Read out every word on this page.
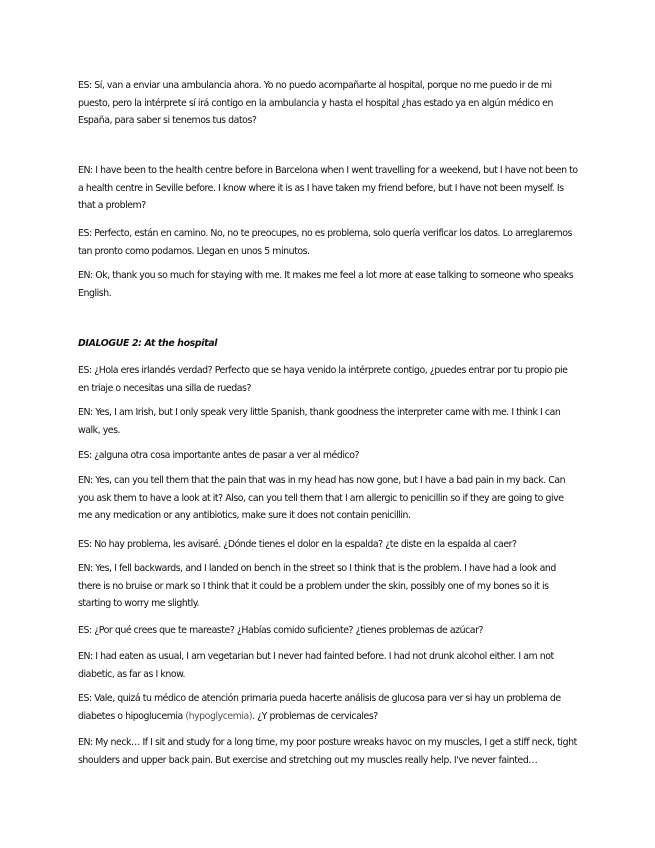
ES: Sí, van a enviar una ambulancia ahora. Yo no puedo acompañarte al hospital, porque no me puedo ir de mi puesto, pero la intérprete sí irá contigo en la ambulancia y hasta el hospital ¿has estado ya en algún médico en España, para saber si tenemos tus datos?

EN: I have been to the health centre before in Barcelona when I went travelling for a weekend, but I have not been to a health centre in Seville before. I know where it is as I have taken my friend before, but I have not been myself. Is that a problem?

ES: Perfecto, están en camino. No, no te preocupes, no es problema, solo quería verificar los datos. Lo arreglaremos tan pronto como podamos. Llegan en unos 5 minutos.

EN: Ok, thank you so much for staying with me. It makes me feel a lot more at ease talking to someone who speaks English.

DIALOGUE 2: At the hospital

ES: ¿Hola eres irlandés verdad? Perfecto que se haya venido la intérprete contigo, ¿puedes entrar por tu propio pie en triaje o necesitas una silla de ruedas?

EN: Yes, I am Irish, but I only speak very little Spanish, thank goodness the interpreter came with me. I think I can walk, yes.

ES: ¿alguna otra cosa importante antes de pasar a ver al médico?

EN: Yes, can you tell them that the pain that was in my head has now gone, but I have a bad pain in my back. Can you ask them to have a look at it? Also, can you tell them that I am allergic to penicillin so if they are going to give me any medication or any antibiotics, make sure it does not contain penicillin.

ES: No hay problema, les avisaré. ¿Dónde tienes el dolor en la espalda? ¿te diste en la espalda al caer?

EN: Yes, I fell backwards, and I landed on bench in the street so I think that is the problem. I have had a look and there is no bruise or mark so I think that it could be a problem under the skin, possibly one of my bones so it is starting to worry me slightly.

ES: ¿Por qué crees que te mareaste? ¿Habías comido suficiente? ¿tienes problemas de azúcar?

EN: I had eaten as usual, I am vegetarian but I never had fainted before. I had not drunk alcohol either. I am not diabetic, as far as I know.

ES: Vale, quizá tu médico de atención primaria pueda hacerte análisis de glucosa para ver si hay un problema de diabetes o hipoglucemia (hypoglycemia). ¿Y problemas de cervicales?

EN: My neck… If I sit and study for a long time, my poor posture wreaks havoc on my muscles, I get a stiff neck, tight shoulders and upper back pain. But exercise and stretching out my muscles really help. I've never fainted…
